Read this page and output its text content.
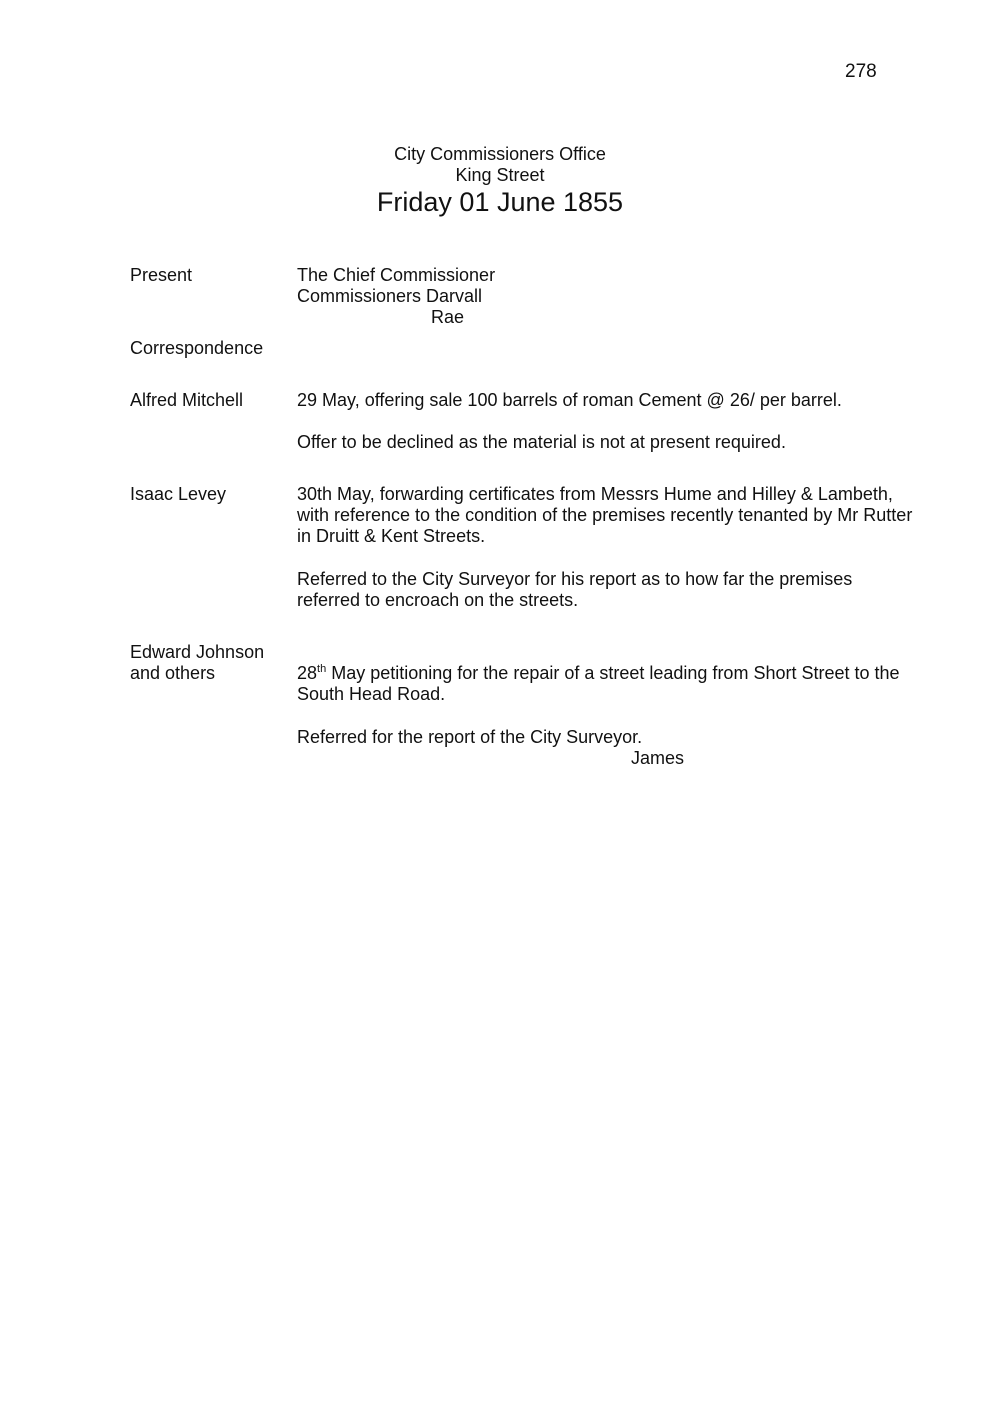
278
City Commissioners Office
King Street
Friday 01 June 1855
Present	The Chief Commissioner
Commissioners Darvall
Rae
Correspondence
Alfred Mitchell	29 May, offering sale 100 barrels of roman Cement @ 26/ per barrel.
Offer to be declined as the material is not at present required.
Isaac Levey	30th May, forwarding certificates from Messrs Hume and Hilley & Lambeth, with reference to the condition of the premises recently tenanted by Mr Rutter in Druitt & Kent Streets.
Referred to the City Surveyor for his report as to how far the premises referred to encroach on the streets.
Edward Johnson
and others	28th May petitioning for the repair of a street leading from Short Street to the South Head Road.
Referred for the report of the City Surveyor.
James
